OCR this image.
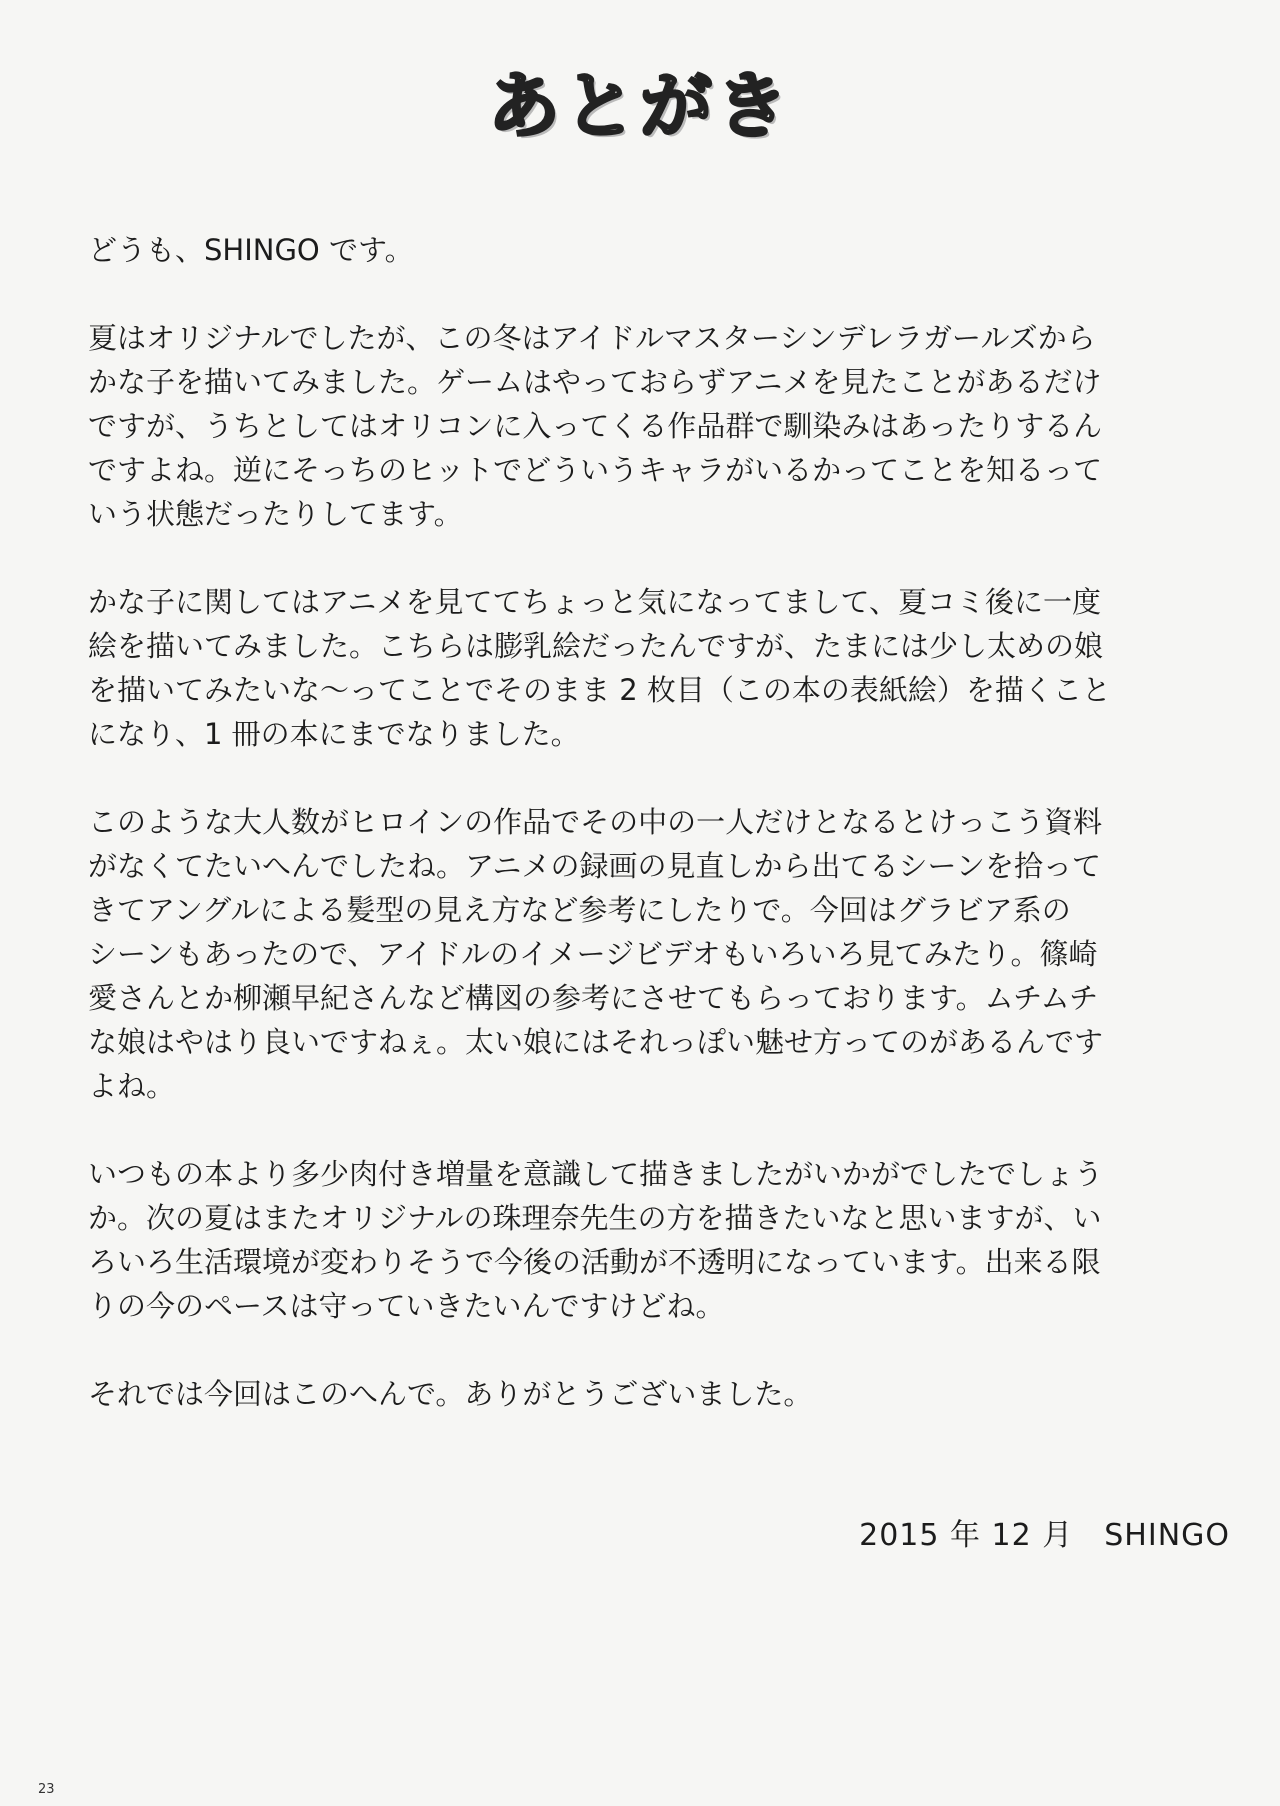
あとがき

どうも、SHINGO です。

夏はオリジナルでしたが、この冬はアイドルマスターシンデレラガールズから
かな子を描いてみました。ゲームはやっておらずアニメを見たことがあるだけ
ですが、うちとしてはオリコンに入ってくる作品群で馴染みはあったりするん
ですよね。逆にそっちのヒットでどういうキャラがいるかってことを知るって
いう状態だったりしてます。

かな子に関してはアニメを見ててちょっと気になってまして、夏コミ後に一度
絵を描いてみました。こちらは膨乳絵だったんですが、たまには少し太めの娘
を描いてみたいな〜ってことでそのまま 2 枚目（この本の表紙絵）を描くこと
になり、1 冊の本にまでなりました。

このような大人数がヒロインの作品でその中の一人だけとなるとけっこう資料
がなくてたいへんでしたね。アニメの録画の見直しから出てるシーンを拾って
きてアングルによる髪型の見え方など参考にしたりで。今回はグラビア系の
シーンもあったので、アイドルのイメージビデオもいろいろ見てみたり。篠崎
愛さんとか柳瀬早紀さんなど構図の参考にさせてもらっております。ムチムチ
な娘はやはり良いですねぇ。太い娘にはそれっぽい魅せ方ってのがあるんです
よね。

いつもの本より多少肉付き増量を意識して描きましたがいかがでしたでしょう
か。次の夏はまたオリジナルの珠理奈先生の方を描きたいなと思いますが、い
ろいろ生活環境が変わりそうで今後の活動が不透明になっています。出来る限
りの今のペースは守っていきたいんですけどね。

それでは今回はこのへんで。ありがとうございました。

2015 年 12 月　SHINGO
23
